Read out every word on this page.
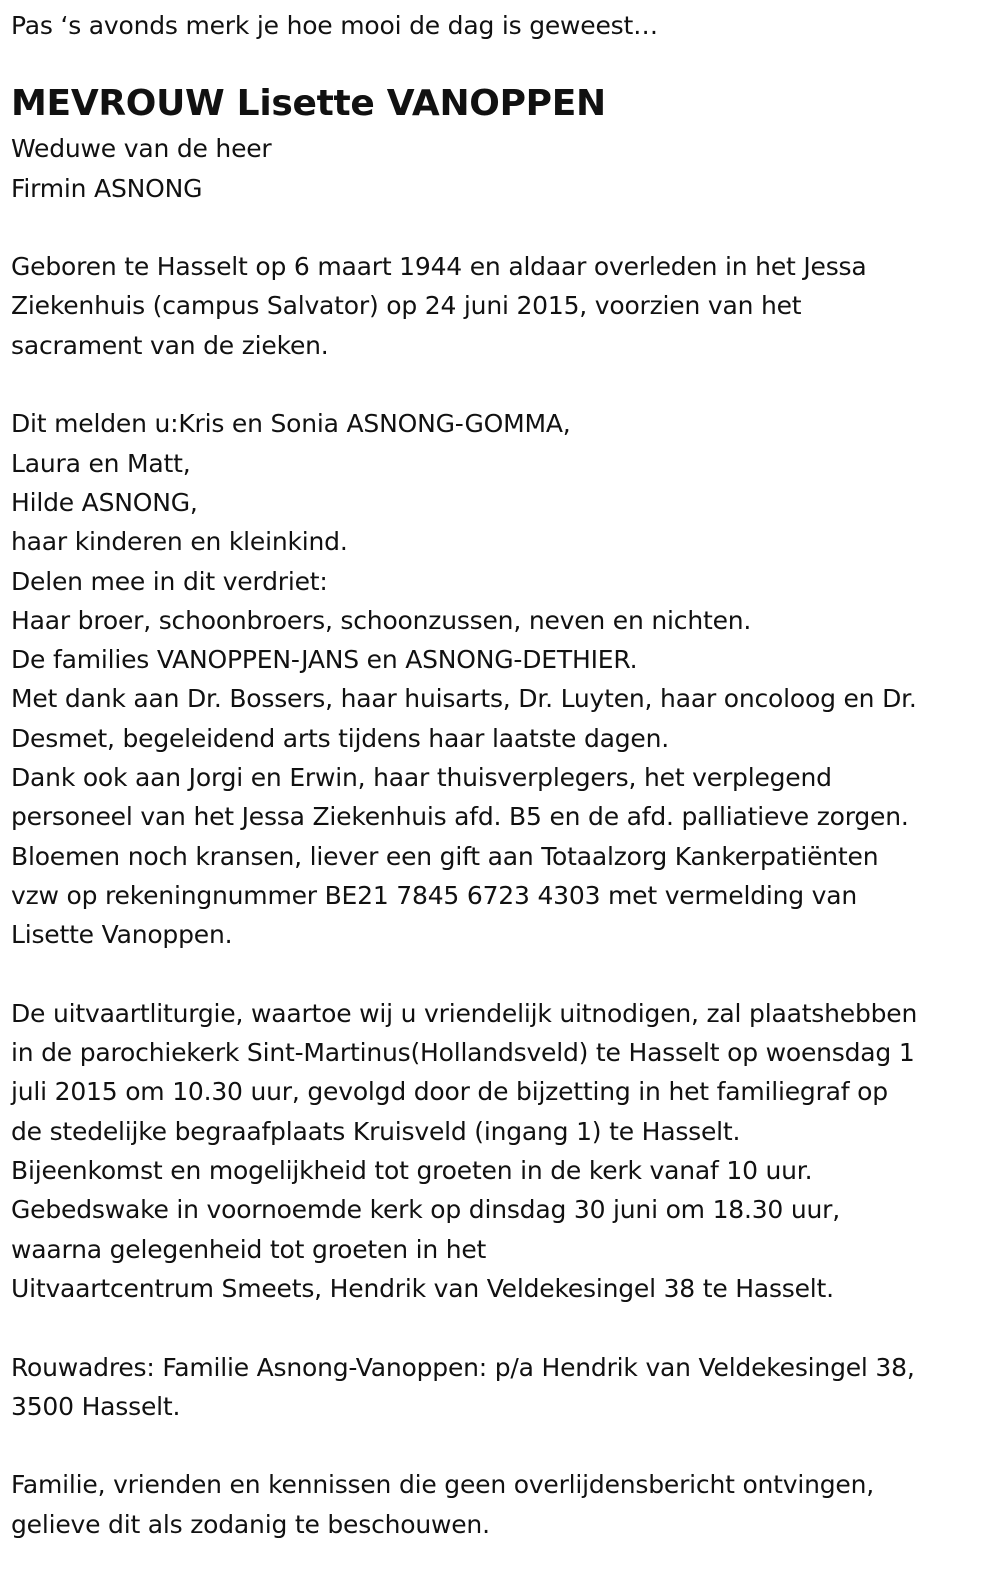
Pas ‘s avonds merk je hoe mooi de dag is geweest…
MEVROUW Lisette VANOPPEN
Weduwe van de heer
Firmin ASNONG
Geboren te Hasselt op 6 maart 1944 en aldaar overleden in het Jessa
Ziekenhuis (campus Salvator) op 24 juni 2015, voorzien van het
sacrament van de zieken.
Dit melden u:Kris en Sonia ASNONG-GOMMA,
Laura en Matt,
Hilde ASNONG,
haar kinderen en kleinkind.
Delen mee in dit verdriet:
Haar broer, schoonbroers, schoonzussen, neven en nichten.
De families VANOPPEN-JANS en ASNONG-DETHIER.
Met dank aan Dr. Bossers, haar huisarts, Dr. Luyten, haar oncoloog en Dr.
Desmet, begeleidend arts tijdens haar laatste dagen.
Dank ook aan Jorgi en Erwin, haar thuisverplegers, het verplegend
personeel van het Jessa Ziekenhuis afd. B5 en de afd. palliatieve zorgen.
Bloemen noch kransen, liever een gift aan Totaalzorg Kankerpatiënten
vzw op rekeningnummer BE21 7845 6723 4303 met vermelding van
Lisette Vanoppen.
De uitvaartliturgie, waartoe wij u vriendelijk uitnodigen, zal plaatshebben
in de parochiekerk Sint-Martinus(Hollandsveld) te Hasselt op woensdag 1
juli 2015 om 10.30 uur, gevolgd door de bijzetting in het familiegraf op
de stedelijke begraafplaats Kruisveld (ingang 1) te Hasselt.
Bijeenkomst en mogelijkheid tot groeten in de kerk vanaf 10 uur.
Gebedswake in voornoemde kerk op dinsdag 30 juni om 18.30 uur,
waarna gelegenheid tot groeten in het
Uitvaartcentrum Smeets, Hendrik van Veldekesingel 38 te Hasselt.
Rouwadres: Familie Asnong-Vanoppen: p/a Hendrik van Veldekesingel 38,
3500 Hasselt.
Familie, vrienden en kennissen die geen overlijdensbericht ontvingen,
gelieve dit als zodanig te beschouwen.
